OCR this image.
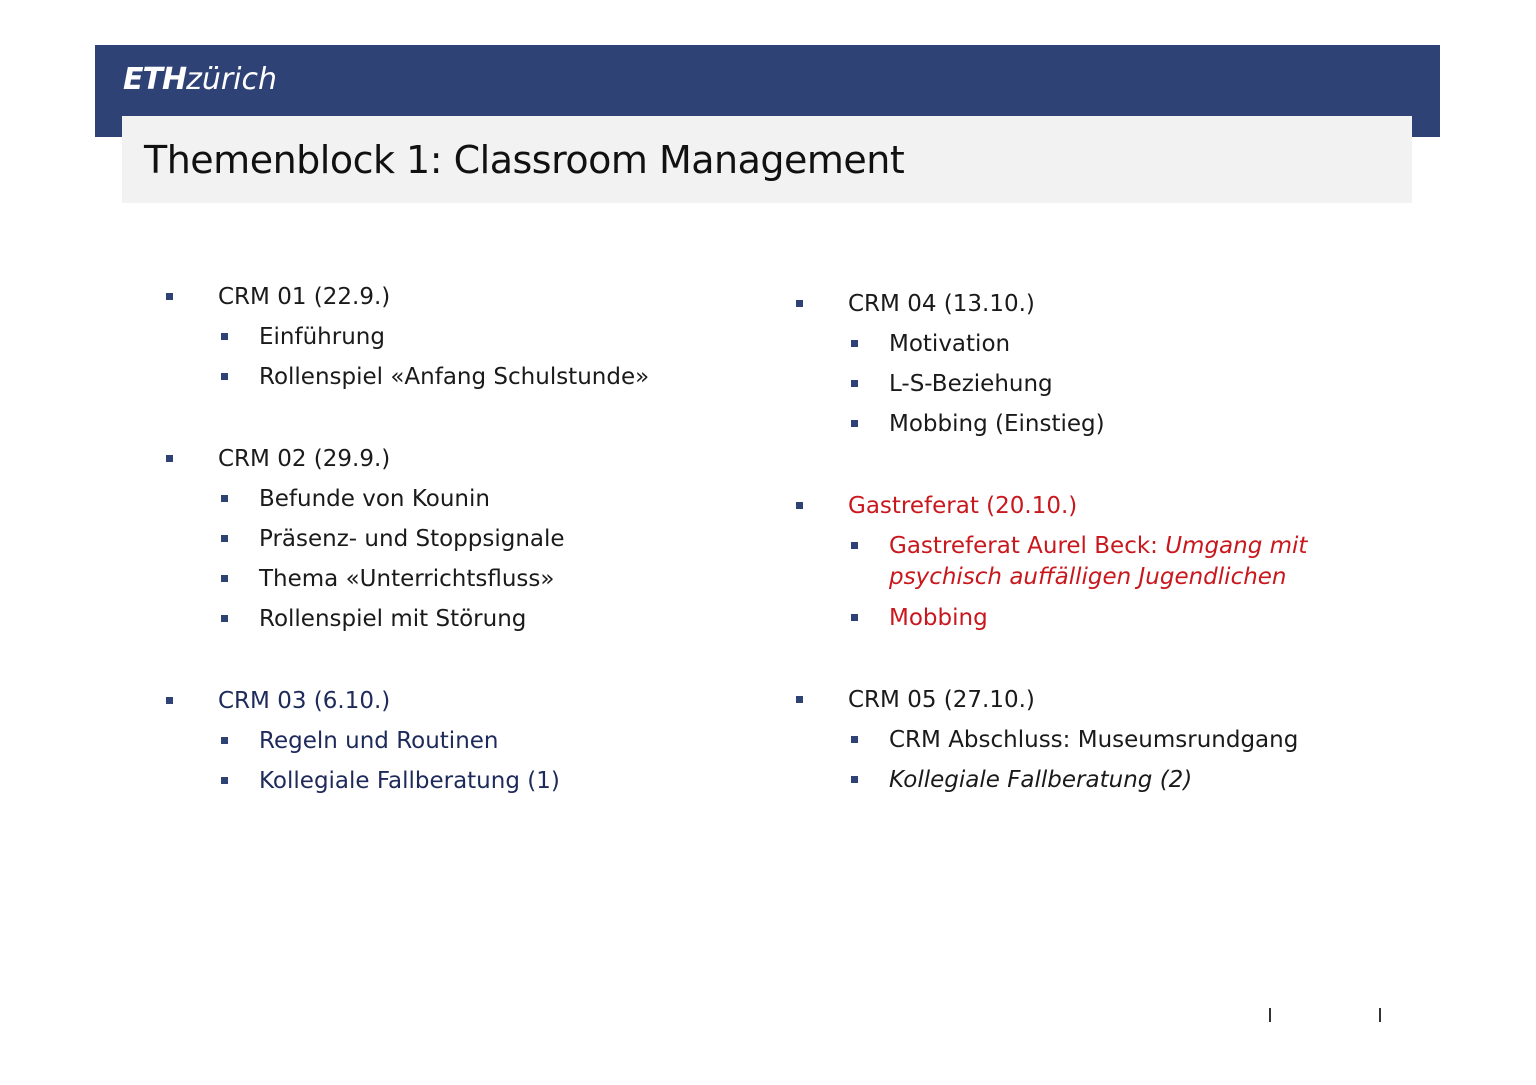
ETHzürich
Themenblock 1: Classroom Management
CRM 01 (22.9.)
Einführung
Rollenspiel «Anfang Schulstunde»
CRM 02 (29.9.)
Befunde von Kounin
Präsenz- und Stoppsignale
Thema «Unterrichtsfluss»
Rollenspiel mit Störung
CRM 03 (6.10.)
Regeln und Routinen
Kollegiale Fallberatung (1)
CRM 04 (13.10.)
Motivation
L-S-Beziehung
Mobbing (Einstieg)
Gastreferat (20.10.)
Gastreferat Aurel Beck: Umgang mit psychisch auffälligen Jugendlichen
Mobbing
CRM 05 (27.10.)
CRM Abschluss: Museumsrundgang
Kollegiale Fallberatung (2)
